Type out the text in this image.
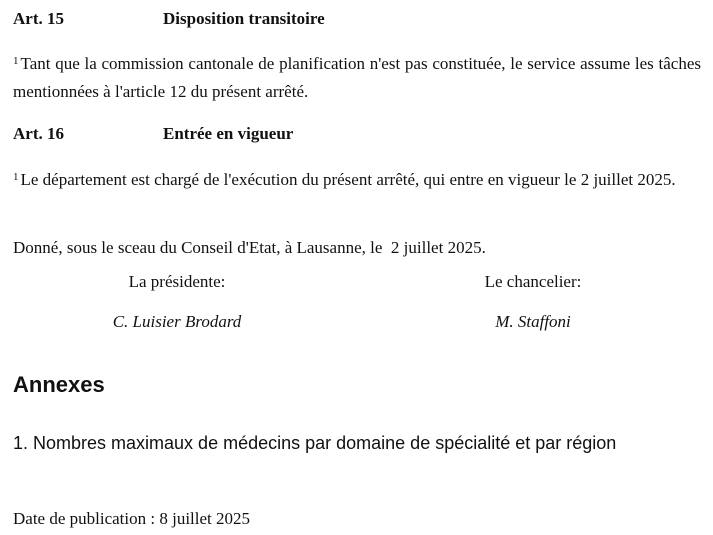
Art. 15	Disposition transitoire
$^1$ Tant que la commission cantonale de planification n'est pas constituée, le service assume les tâches mentionnées à l'article 12 du présent arrêté.
Art. 16	Entrée en vigueur
$^1$ Le département est chargé de l'exécution du présent arrêté, qui entre en vigueur le 2 juillet 2025.
Donné, sous le sceau du Conseil d'Etat, à Lausanne, le  2 juillet 2025.
La présidente:	Le chancelier:
C. Luisier Brodard	M. Staffoni
Annexes
1. Nombres maximaux de médecins par domaine de spécialité et par région
Date de publication : 8 juillet 2025
